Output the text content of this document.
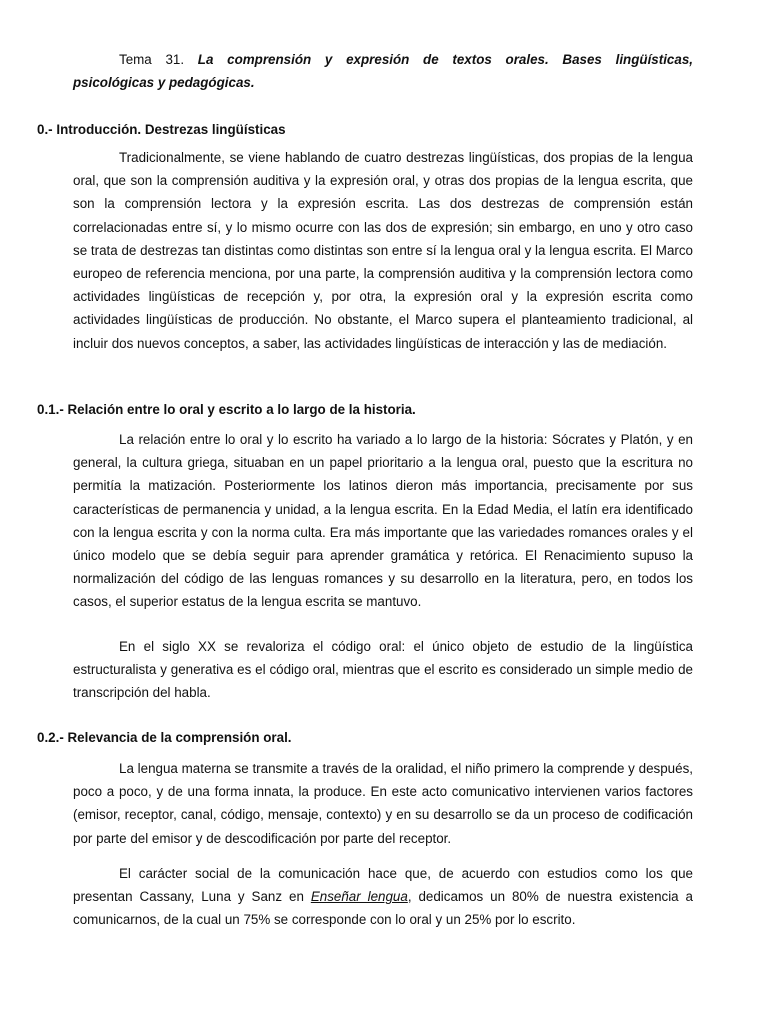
Tema 31. La comprensión y expresión de textos orales. Bases lingüísticas,
psicológicas y pedagógicas.
0.- Introducción. Destrezas lingüísticas

Tradicionalmente, se viene hablando de cuatro destrezas lingüísticas, dos propias de la lengua oral, que son la comprensión auditiva y la expresión oral, y otras dos propias de la lengua escrita, que son la comprensión lectora y la expresión escrita. Las dos destrezas de comprensión están correlacionadas entre sí, y lo mismo ocurre con las dos de expresión; sin embargo, en uno y otro caso se trata de destrezas tan distintas como distintas son entre sí la lengua oral y la lengua escrita. El Marco europeo de referencia menciona, por una parte, la comprensión auditiva y la comprensión lectora como actividades lingüísticas de recepción y, por otra, la expresión oral y la expresión escrita como actividades lingüísticas de producción. No obstante, el Marco supera el planteamiento tradicional, al incluir dos nuevos conceptos, a saber, las actividades lingüísticas de interacción y las de mediación.

0.1.- Relación entre lo oral y escrito a lo largo de la historia.

La relación entre lo oral y lo escrito ha variado a lo largo de la historia: Sócrates y Platón, y en general, la cultura griega, situaban en un papel prioritario a la lengua oral, puesto que la escritura no permitía la matización. Posteriormente los latinos dieron más importancia, precisamente por sus características de permanencia y unidad, a la lengua escrita. En la Edad Media, el latín era identificado con la lengua escrita y con la norma culta. Era más importante que las variedades romances orales y el único modelo que se debía seguir para aprender gramática y retórica. El Renacimiento supuso la normalización del código de las lenguas romances y su desarrollo en la literatura, pero, en todos los casos, el superior estatus de la lengua escrita se mantuvo.

En el siglo XX se revaloriza el código oral: el único objeto de estudio de la lingüística estructuralista y generativa es el código oral, mientras que el escrito es considerado un simple medio de transcripción del habla.

0.2.- Relevancia de la comprensión oral.

La lengua materna se transmite a través de la oralidad, el niño primero la comprende y después, poco a poco, y de una forma innata, la produce. En este acto comunicativo intervienen varios factores (emisor, receptor, canal, código, mensaje, contexto) y en su desarrollo se da un proceso de codificación por parte del emisor y de descodificación por parte del receptor.

El carácter social de la comunicación hace que, de acuerdo con estudios como los que presentan Cassany, Luna y Sanz en Enseñar lengua, dedicamos un 80% de nuestra existencia a comunicarnos, de la cual un 75% se corresponde con lo oral y un 25% por lo escrito.
